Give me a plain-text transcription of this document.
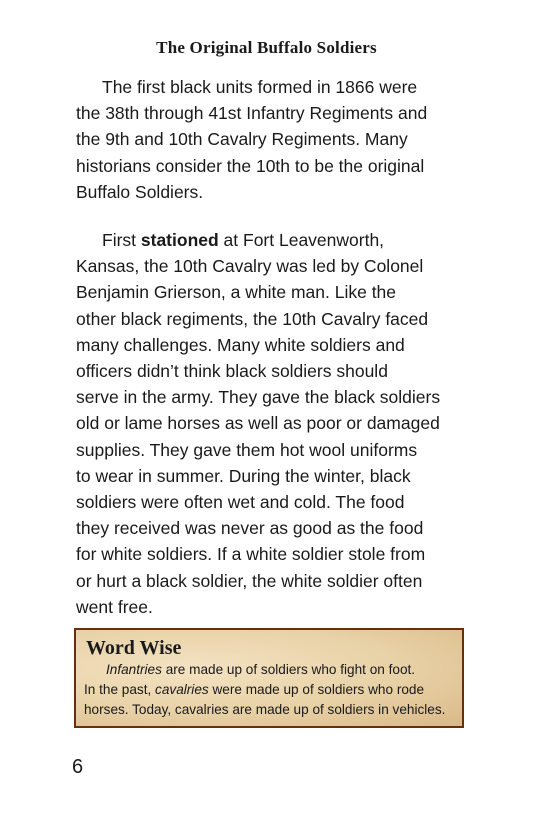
The Original Buffalo Soldiers

The first black units formed in 1866 were
the 38th through 41st Infantry Regiments and
the 9th and 10th Cavalry Regiments. Many
historians consider the 10th to be the original
Buffalo Soldiers.

First stationed at Fort Leavenworth,
Kansas, the 10th Cavalry was led by Colonel
Benjamin Grierson, a white man. Like the
other black regiments, the 10th Cavalry faced
many challenges. Many white soldiers and
officers didn’t think black soldiers should
serve in the army. They gave the black soldiers
old or lame horses as well as poor or damaged
supplies. They gave them hot wool uniforms
to wear in summer. During the winter, black
soldiers were often wet and cold. The food
they received was never as good as the food
for white soldiers. If a white soldier stole from
or hurt a black soldier, the white soldier often
went free.

Word Wise
Infantries are made up of soldiers who fight on foot.
In the past, cavalries were made up of soldiers who rode
horses. Today, cavalries are made up of soldiers in vehicles.
6
